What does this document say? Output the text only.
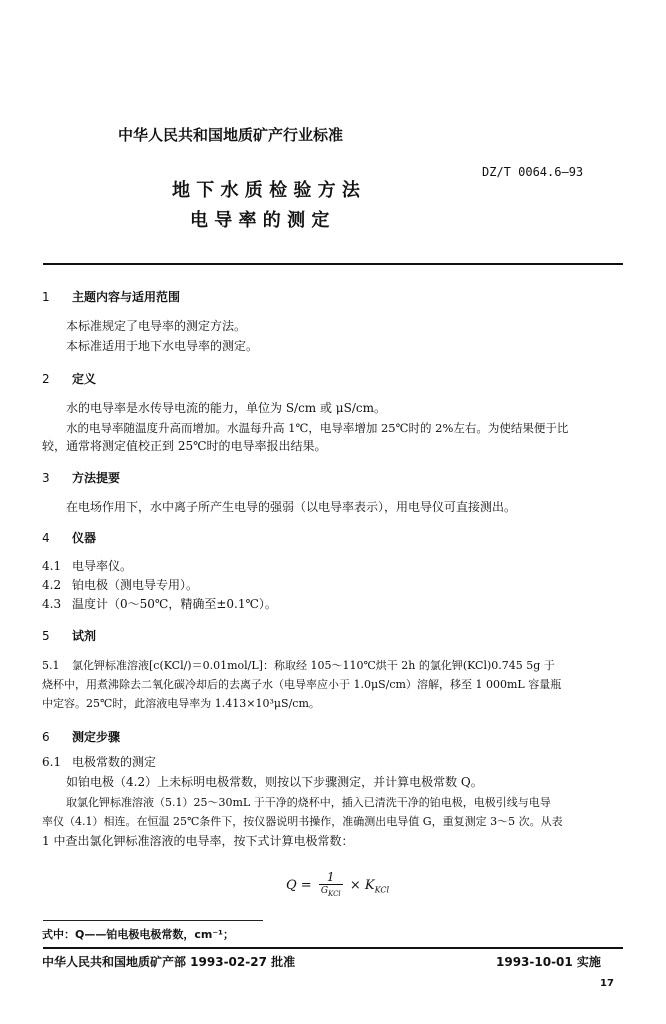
中华人民共和国地质矿产行业标准
地 下 水 质 检 验 方 法
电 导 率 的 测 定
DZ/T 0064.6—93
1 主题内容与适用范围
本标准规定了电导率的测定方法。
本标准适用于地下水电导率的测定。
2 定义
水的电导率是水传导电流的能力，单位为 S/cm 或 μS/cm。
水的电导率随温度升高而增加。水温每升高 1℃，电导率增加 25℃时的 2%左右。为使结果便于比
较，通常将测定值校正到 25℃时的电导率报出结果。
3 方法提要
在电场作用下，水中离子所产生电导的强弱（以电导率表示），用电导仪可直接测出。
4 仪器
4.1 电导率仪。
4.2 铂电极（测电导专用）。
4.3 温度计（0～50℃，精确至±0.1℃）。
5 试剂
5.1 氯化钾标准溶液[c(KCl/)＝0.01mol/L]：称取经 105～110℃烘干 2h 的氯化钾(KCl)0.745 5g 于
烧杯中，用煮沸除去二氧化碳冷却后的去离子水（电导率应小于 1.0μS/cm）溶解，移至 1 000mL 容量瓶
中定容。25℃时，此溶液电导率为 1.413×10³μS/cm。
6 测定步骤
6.1 电极常数的测定
如铂电极（4.2）上未标明电极常数，则按以下步骤测定，并计算电极常数 Q。
取氯化钾标准溶液（5.1）25～30mL 于干净的烧杯中，插入已清洗干净的铂电极，电极引线与电导
率仪（4.1）相连。在恒温 25℃条件下，按仪器说明书操作，准确测出电导值 G，重复测定 3～5 次。从表
1 中查出氯化钾标准溶液的电导率，按下式计算电极常数：
$Q = \frac{1}{G_{KCl}} \times K_{KCl}$
式中：Q——铂电极电极常数，cm⁻¹；
中华人民共和国地质矿产部 1993-02-27 批准	1993-10-01 实施
17
